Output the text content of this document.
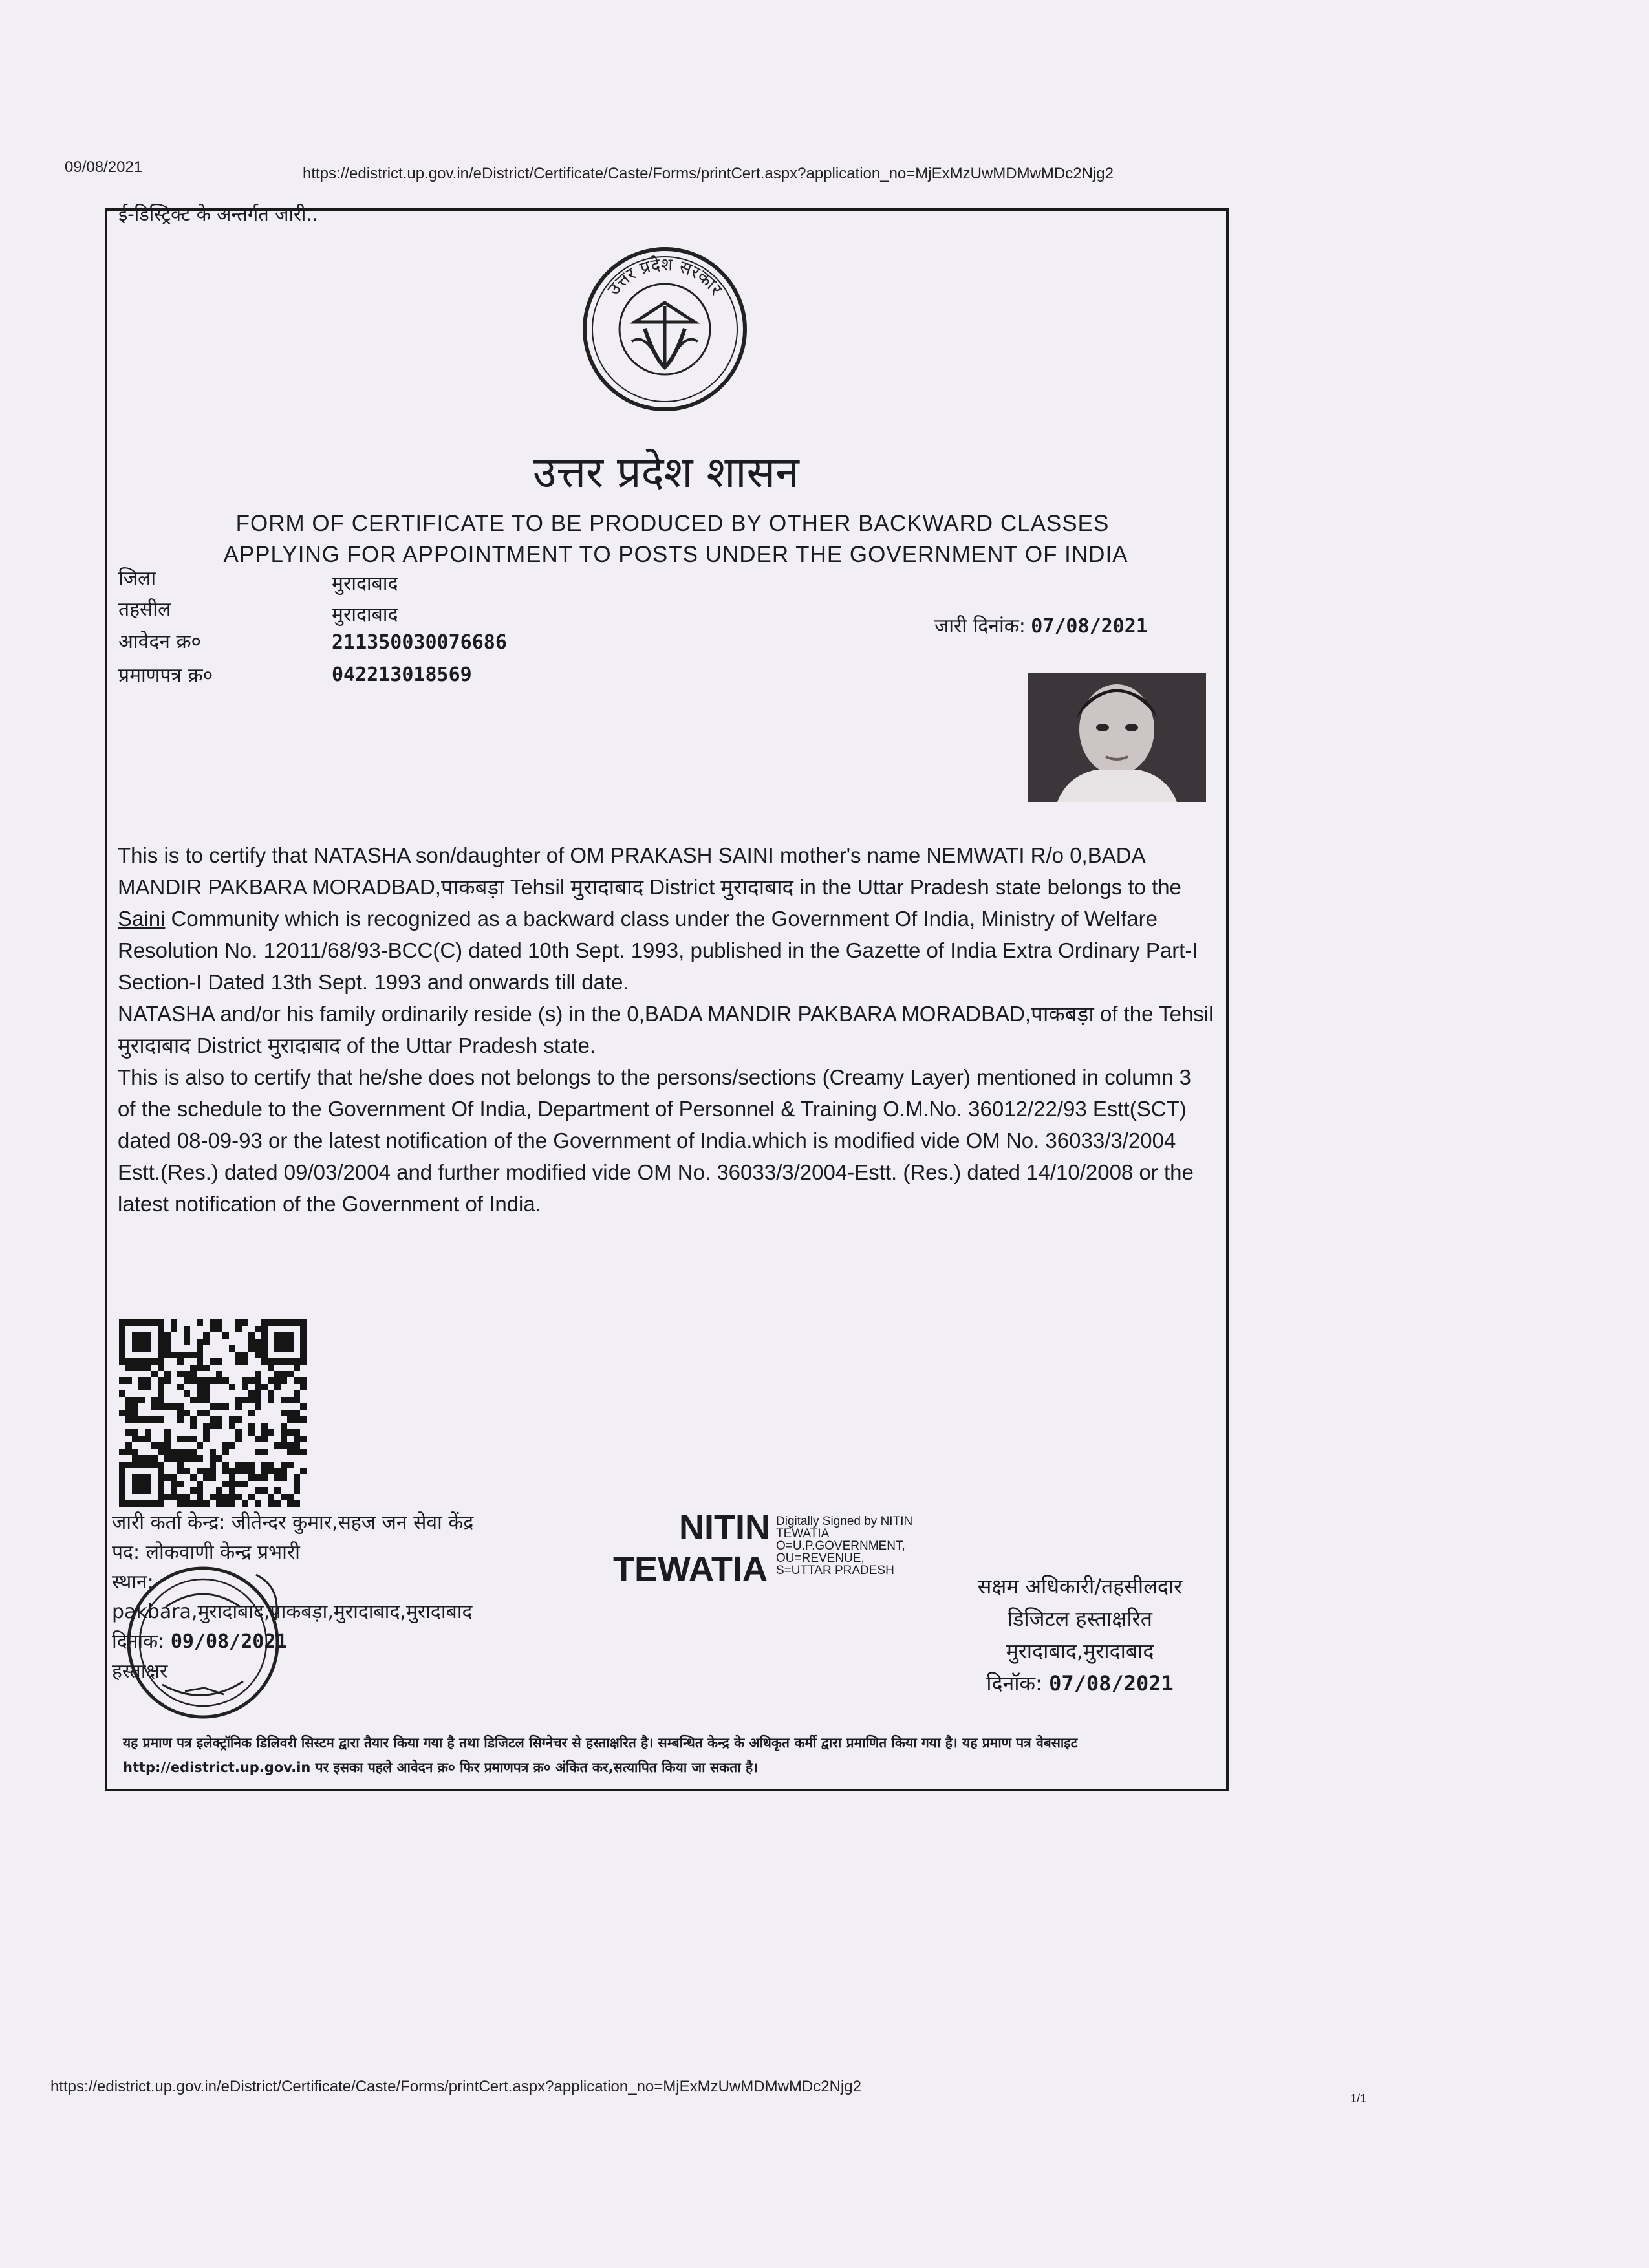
09/08/2021	https://edistrict.up.gov.in/eDistrict/Certificate/Caste/Forms/printCert.aspx?application_no=MjExMzUwMDMwMDc2Njg2
ई-डिस्ट्रिक्ट के अन्तर्गत जारी..
उत्तर प्रदेश सरकार
उत्तर प्रदेश शासन
FORM OF CERTIFICATE TO BE PRODUCED BY OTHER BACKWARD CLASSES
APPLYING FOR APPOINTMENT TO POSTS UNDER THE GOVERNMENT OF INDIA
जिला	मुरादाबाद
तहसील	मुरादाबाद
आवेदन क्र०	211350030076686
प्रमाणपत्र क्र०	042213018569
जारी दिनांक: 07/08/2021

This is to certify that NATASHA son/daughter of OM PRAKASH SAINI mother's name NEMWATI R/o 0,BADA MANDIR PAKBARA MORADBAD,पाकबड़ा Tehsil मुरादाबाद District मुरादाबाद in the Uttar Pradesh state belongs to the Saini Community which is recognized as a backward class under the Government Of India, Ministry of Welfare Resolution No. 12011/68/93-BCC(C) dated 10th Sept. 1993, published in the Gazette of India Extra Ordinary Part-I Section-I Dated 13th Sept. 1993 and onwards till date.

NATASHA and/or his family ordinarily reside (s) in the 0,BADA MANDIR PAKBARA MORADBAD,पाकबड़ा of the Tehsil मुरादाबाद District मुरादाबाद of the Uttar Pradesh state.

This is also to certify that he/she does not belongs to the persons/sections (Creamy Layer) mentioned in column 3 of the schedule to the Government Of India, Department of Personnel & Training O.M.No. 36012/22/93 Estt(SCT) dated 08-09-93 or the latest notification of the Government of India.which is modified vide OM No. 36033/3/2004 Estt.(Res.) dated 09/03/2004 and further modified vide OM No. 36033/3/2004-Estt. (Res.) dated 14/10/2008 or the latest notification of the Government of India.

जारी कर्ता केन्द्र: जीतेन्दर कुमार,सहज जन सेवा केंद्र
पद: लोकवाणी केन्द्र प्रभारी
स्थान:
pakbara,मुरादाबाद,पाकबड़ा,मुरादाबाद,मुरादाबाद
दिनांक: 09/08/2021
हस्ताक्षर
NITIN
TEWATIA
Digitally Signed by NITIN
TEWATIA
O=U.P.GOVERNMENT,
OU=REVENUE,
S=UTTAR PRADESH
सक्षम अधिकारी/तहसीलदार
डिजिटल हस्ताक्षरित
मुरादाबाद,मुरादाबाद
दिनॉक: 07/08/2021
यह प्रमाण पत्र इलेक्ट्रॉनिक डिलिवरी सिस्टम द्वारा तैयार किया गया है तथा डिजिटल सिग्नेचर से हस्ताक्षरित है। सम्बन्धित केन्द्र के अधिकृत कर्मी द्वारा प्रमाणित किया गया है। यह प्रमाण पत्र वेबसाइट http://edistrict.up.gov.in पर इसका पहले आवेदन क्र० फिर प्रमाणपत्र क्र० अंकित कर,सत्यापित किया जा सकता है।
https://edistrict.up.gov.in/eDistrict/Certificate/Caste/Forms/printCert.aspx?application_no=MjExMzUwMDMwMDc2Njg2
1/1
